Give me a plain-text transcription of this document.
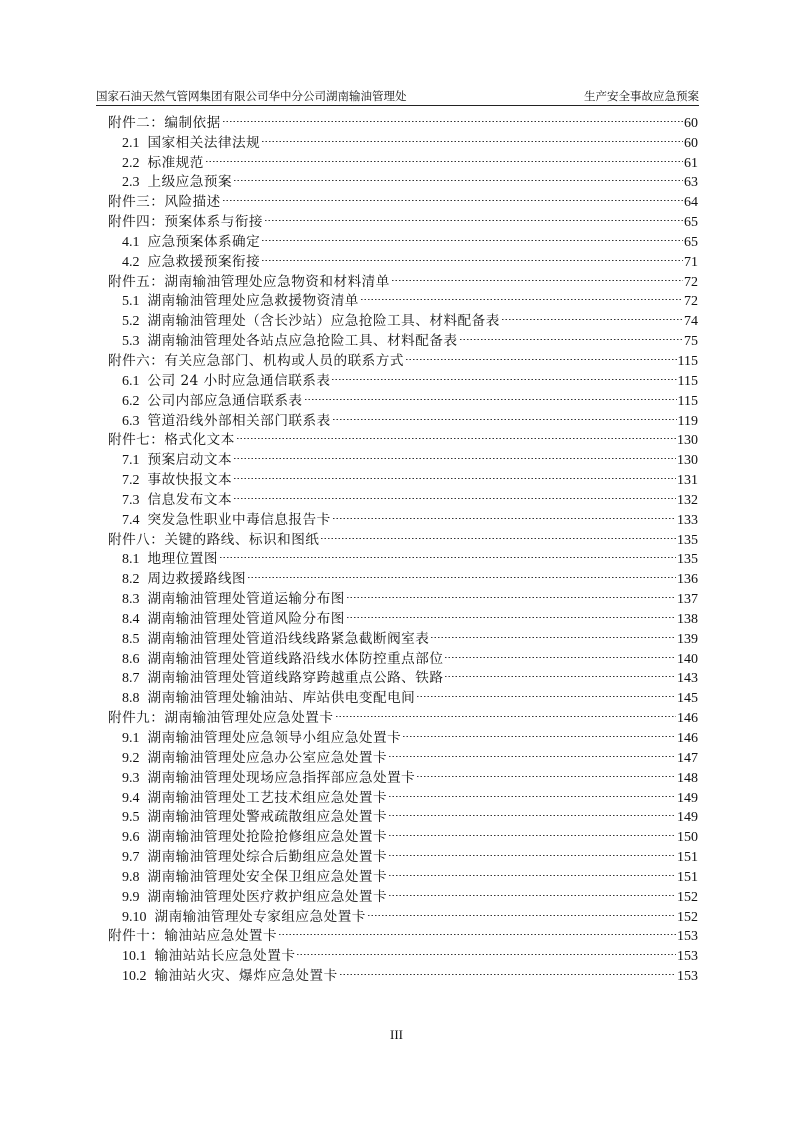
国家石油天然气管网集团有限公司华中分公司湖南输油管理处	生产安全事故应急预案
附件二：编制依据	60
2.1 国家相关法律法规	60
2.2 标准规范	61
2.3 上级应急预案	63
附件三：风险描述	64
附件四：预案体系与衔接	65
4.1 应急预案体系确定	65
4.2 应急救援预案衔接	71
附件五：湖南输油管理处应急物资和材料清单	72
5.1 湖南输油管理处应急救援物资清单	72
5.2 湖南输油管理处（含长沙站）应急抢险工具、材料配备表	74
5.3 湖南输油管理处各站点应急抢险工具、材料配备表	75
附件六：有关应急部门、机构或人员的联系方式	115
6.1 公司 24 小时应急通信联系表	115
6.2 公司内部应急通信联系表	115
6.3 管道沿线外部相关部门联系表	119
附件七：格式化文本	130
7.1 预案启动文本	130
7.2 事故快报文本	131
7.3 信息发布文本	132
7.4 突发急性职业中毒信息报告卡	133
附件八：关键的路线、标识和图纸	135
8.1 地理位置图	135
8.2 周边救援路线图	136
8.3 湖南输油管理处管道运输分布图	137
8.4 湖南输油管理处管道风险分布图	138
8.5 湖南输油管理处管道沿线线路紧急截断阀室表	139
8.6 湖南输油管理处管道线路沿线水体防控重点部位	140
8.7 湖南输油管理处管道线路穿跨越重点公路、铁路	143
8.8 湖南输油管理处输油站、库站供电变配电间	145
附件九：湖南输油管理处应急处置卡	146
9.1 湖南输油管理处应急领导小组应急处置卡	146
9.2 湖南输油管理处应急办公室应急处置卡	147
9.3 湖南输油管理处现场应急指挥部应急处置卡	148
9.4 湖南输油管理处工艺技术组应急处置卡	149
9.5 湖南输油管理处警戒疏散组应急处置卡	149
9.6 湖南输油管理处抢险抢修组应急处置卡	150
9.7 湖南输油管理处综合后勤组应急处置卡	151
9.8 湖南输油管理处安全保卫组应急处置卡	151
9.9 湖南输油管理处医疗救护组应急处置卡	152
9.10 湖南输油管理处专家组应急处置卡	152
附件十：输油站应急处置卡	153
10.1 输油站站长应急处置卡	153
10.2 输油站火灾、爆炸应急处置卡	153
III
